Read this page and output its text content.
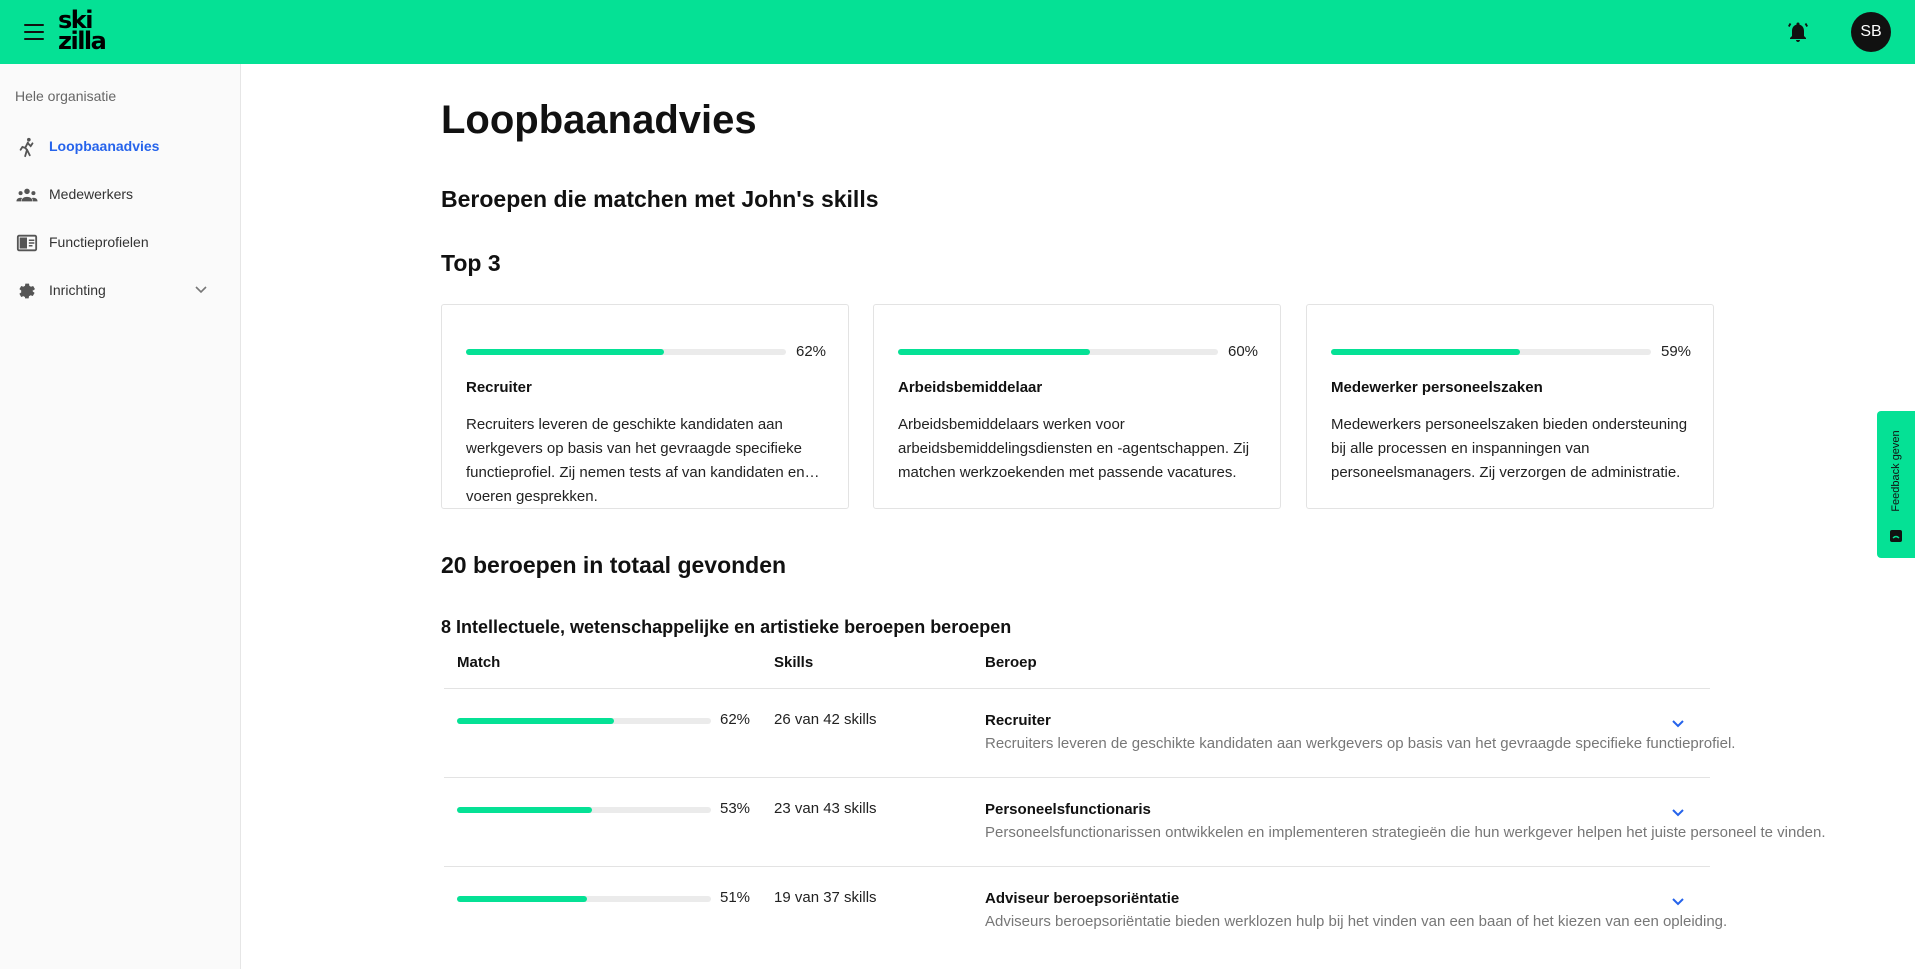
ski
zilla	SB
Hele organisatie
Loopbaanadvies
Medewerkers
Functieprofielen
Inrichting
Loopbaanadvies
Beroepen die matchen met John's skills
Top 3
62%
Recruiter
Recruiters leveren de geschikte kandidaten aan werkgevers op basis van het gevraagde specifieke functieprofiel. Zij nemen tests af van kandidaten en voeren gesprekken.
60%
Arbeidsbemiddelaar
Arbeidsbemiddelaars werken voor arbeidsbemiddelingsdiensten en -agentschappen. Zij matchen werkzoekenden met passende vacatures.
59%
Medewerker personeelszaken
Medewerkers personeelszaken bieden ondersteuning bij alle processen en inspanningen van personeelsmanagers. Zij verzorgen de administratie.
20 beroepen in totaal gevonden
8 Intellectuele, wetenschappelijke en artistieke beroepen beroepen
Match	Skills	Beroep
62% 26 van 42 skills	Recruiter
Recruiters leveren de geschikte kandidaten aan werkgevers op basis van het gevraagde specifieke functieprofiel.
53% 23 van 43 skills	Personeelsfunctionaris
Personeelsfunctionarissen ontwikkelen en implementeren strategieën die hun werkgever helpen het juiste personeel te vinden.
51% 19 van 37 skills	Adviseur beroepsoriëntatie
Adviseurs beroepsoriëntatie bieden werklozen hulp bij het vinden van een baan of het kiezen van een opleiding.
Feedback geven
